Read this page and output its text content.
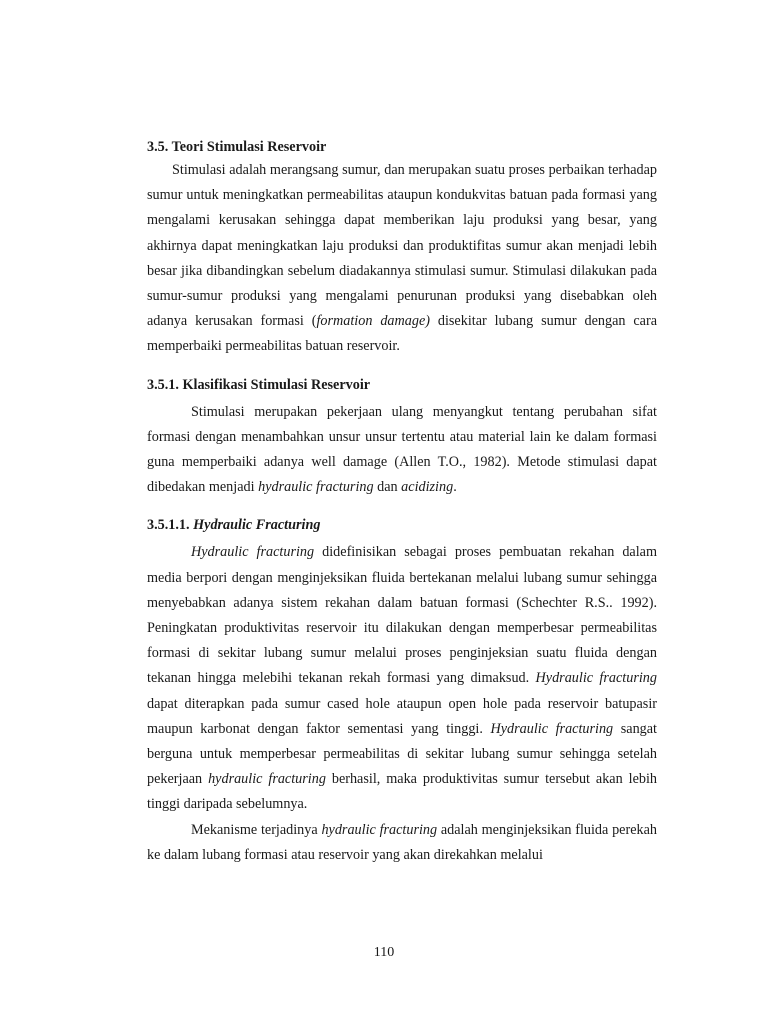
3.5. Teori Stimulasi Reservoir

Stimulasi adalah merangsang sumur, dan merupakan suatu proses perbaikan terhadap sumur untuk meningkatkan permeabilitas ataupun kondukvitas batuan pada formasi yang mengalami kerusakan sehingga dapat memberikan laju produksi yang besar, yang akhirnya dapat meningkatkan laju produksi dan produktifitas sumur akan menjadi lebih besar jika dibandingkan sebelum diadakannya stimulasi sumur. Stimulasi dilakukan pada sumur-sumur produksi yang mengalami penurunan produksi yang disebabkan oleh adanya kerusakan formasi (formation damage) disekitar lubang sumur dengan cara memperbaiki permeabilitas batuan reservoir.

3.5.1. Klasifikasi Stimulasi Reservoir

Stimulasi merupakan pekerjaan ulang menyangkut tentang perubahan sifat formasi dengan menambahkan unsur unsur tertentu atau material lain ke dalam formasi guna memperbaiki adanya well damage (Allen T.O., 1982). Metode stimulasi dapat dibedakan menjadi hydraulic fracturing dan acidizing.

3.5.1.1. Hydraulic Fracturing

Hydraulic fracturing didefinisikan sebagai proses pembuatan rekahan dalam media berpori dengan menginjeksikan fluida bertekanan melalui lubang sumur sehingga menyebabkan adanya sistem rekahan dalam batuan formasi (Schechter R.S.. 1992). Peningkatan produktivitas reservoir itu dilakukan dengan memperbesar permeabilitas formasi di sekitar lubang sumur melalui proses penginjeksian suatu fluida dengan tekanan hingga melebihi tekanan rekah formasi yang dimaksud. Hydraulic fracturing dapat diterapkan pada sumur cased hole ataupun open hole pada reservoir batupasir maupun karbonat dengan faktor sementasi yang tinggi. Hydraulic fracturing sangat berguna untuk memperbesar permeabilitas di sekitar lubang sumur sehingga setelah pekerjaan hydraulic fracturing berhasil, maka produktivitas sumur tersebut akan lebih tinggi daripada sebelumnya.

Mekanisme terjadinya hydraulic fracturing adalah menginjeksikan fluida perekah ke dalam lubang formasi atau reservoir yang akan direkahkan melalui

110
